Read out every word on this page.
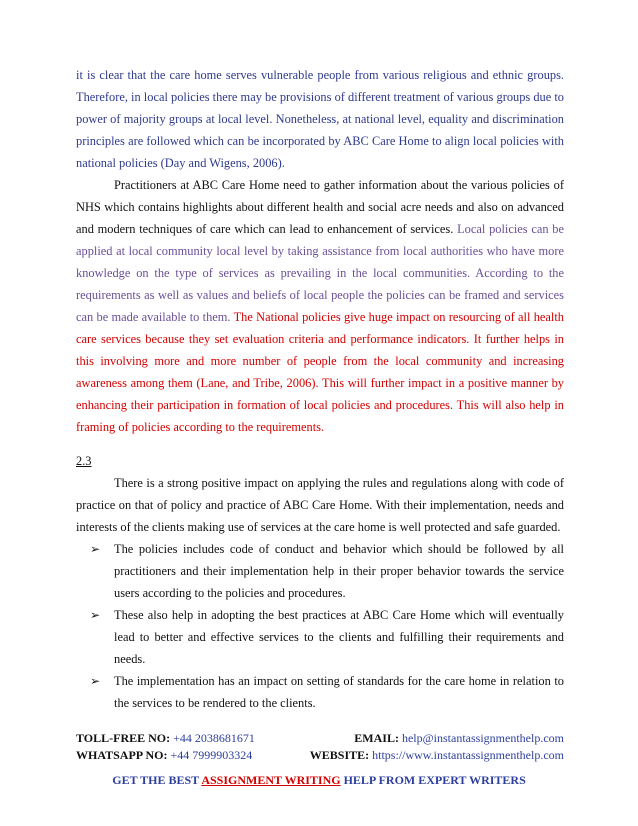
it is clear that the care home serves vulnerable people from various religious and ethnic groups. Therefore, in local policies there may be provisions of different treatment of various groups due to power of majority groups at local level. Nonetheless, at national level, equality and discrimination principles are followed which can be incorporated by ABC Care Home to align local policies with national policies (Day and Wigens, 2006).

Practitioners at ABC Care Home need to gather information about the various policies of NHS which contains highlights about different health and social acre needs and also on advanced and modern techniques of care which can lead to enhancement of services. Local policies can be applied at local community local level by taking assistance from local authorities who have more knowledge on the type of services as prevailing in the local communities. According to the requirements as well as values and beliefs of local people the policies can be framed and services can be made available to them. The National policies give huge impact on resourcing of all health care services because they set evaluation criteria and performance indicators. It further helps in this involving more and more number of people from the local community and increasing awareness among them (Lane, and Tribe, 2006). This will further impact in a positive manner by enhancing their participation in formation of local policies and procedures. This will also help in framing of policies according to the requirements.

2.3

There is a strong positive impact on applying the rules and regulations along with code of practice on that of policy and practice of ABC Care Home. With their implementation, needs and interests of the clients making use of services at the care home is well protected and safe guarded.

➢ The policies includes code of conduct and behavior which should be followed by all practitioners and their implementation help in their proper behavior towards the service users according to the policies and procedures.
➢ These also help in adopting the best practices at ABC Care Home which will eventually lead to better and effective services to the clients and fulfilling their requirements and needs.
➢ The implementation has an impact on setting of standards for the care home in relation to the services to be rendered to the clients.
TOLL-FREE NO: +44 2038681671	EMAIL: help@instantassignmenthelp.com
WHATSAPP NO: +44 7999903324	WEBSITE: https://www.instantassignmenthelp.com
GET THE BEST ASSIGNMENT WRITING HELP FROM EXPERT WRITERS
